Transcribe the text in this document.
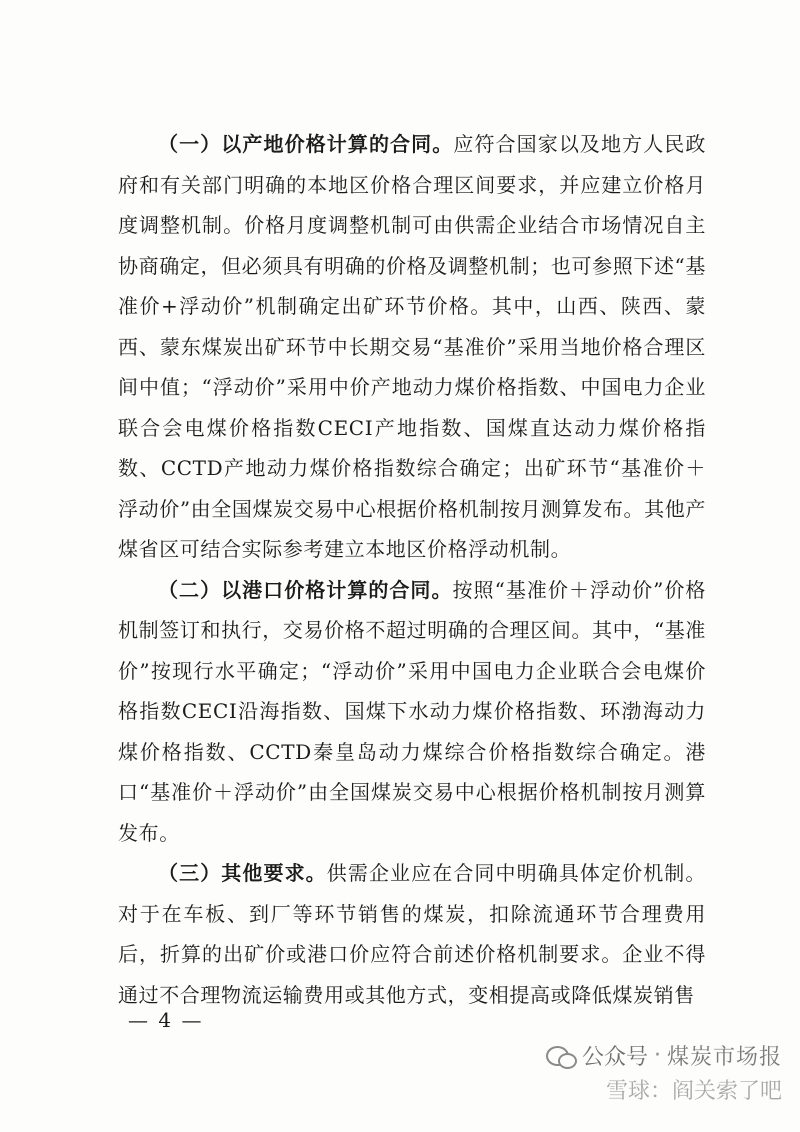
（一）以产地价格计算的合同。应符合国家以及地方人民政府和有关部门明确的本地区价格合理区间要求，并应建立价格月度调整机制。价格月度调整机制可由供需企业结合市场情况自主协商确定，但必须具有明确的价格及调整机制；也可参照下述“基准价+浮动价”机制确定出矿环节价格。其中，山西、陕西、蒙西、蒙东煤炭出矿环节中长期交易“基准价”采用当地价格合理区间中值；“浮动价”采用中价产地动力煤价格指数、中国电力企业联合会电煤价格指数CECI产地指数、国煤直达动力煤价格指数、CCTD产地动力煤价格指数综合确定；出矿环节“基准价＋浮动价”由全国煤炭交易中心根据价格机制按月测算发布。其他产煤省区可结合实际参考建立本地区价格浮动机制。

（二）以港口价格计算的合同。按照“基准价＋浮动价”价格机制签订和执行，交易价格不超过明确的合理区间。其中，“基准价”按现行水平确定；“浮动价”采用中国电力企业联合会电煤价格指数CECI沿海指数、国煤下水动力煤价格指数、环渤海动力煤价格指数、CCTD秦皇岛动力煤综合价格指数综合确定。港口“基准价＋浮动价”由全国煤炭交易中心根据价格机制按月测算发布。

（三）其他要求。供需企业应在合同中明确具体定价机制。对于在车板、到厂等环节销售的煤炭，扣除流通环节合理费用后，折算的出矿价或港口价应符合前述价格机制要求。企业不得通过不合理物流运输费用或其他方式，变相提高或降低煤炭销售

— 4 —
公众号 · 煤炭市场报
雪球：阎关索了吧
